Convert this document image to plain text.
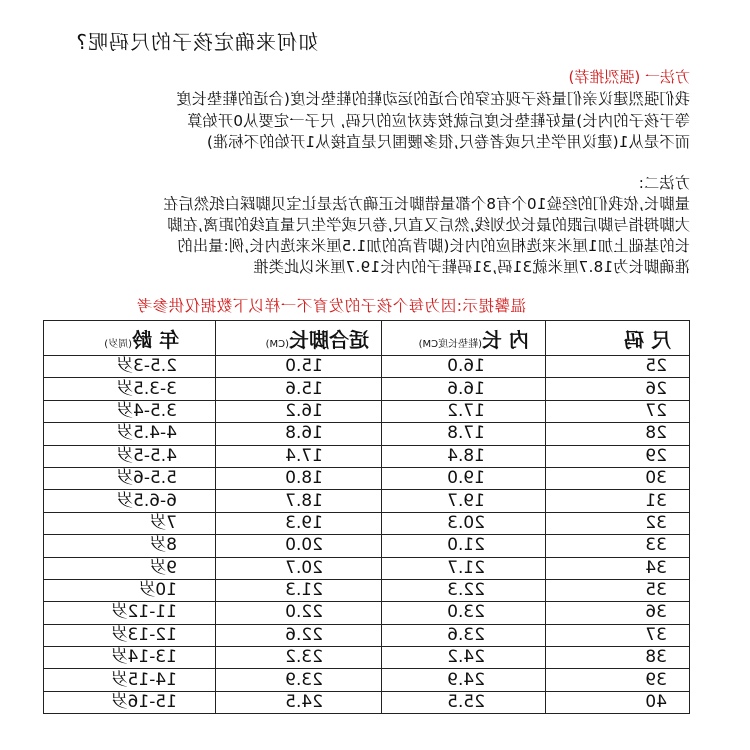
如何来确定孩子的尺码呢?
方法一 (强烈推荐)
我们强烈建议亲们量孩子现在穿的合适的运动鞋的鞋垫长度(合适的鞋垫长度
等于孩子的内长)量好鞋垫长度后就按表对应的尺码, 尺子一定要从0开始算
而不是从1(建议用学生尺或者卷尺,很多腰围尺是直接从1开始的不标准)
方法二:
量脚长,依我们的经验10个有8个都量错脚长正确方法是让宝贝脚踩白纸然后在
大脚拇指与脚后跟的最长处划线,然后又直尺,卷尺或学生尺量直线的距离,在脚
长的基础上加1厘米来选相应的内长(脚背高的加1.5厘米来选内长,例:量出的
准确脚长为18.7厘米就31码,31码鞋子的内长19.7厘米以此类推
温馨提示:因为每个孩子的发育不一样以下数据仅供参考
尺 码	内 长(鞋垫长度CM)	适合脚长(CM)	年 龄(周岁)
25	16.0	15.0	2.5-3岁
26	16.6	15.6	3-3.5岁
27	17.2	16.2	3.5-4岁
28	17.8	16.8	4-4.5岁
29	18.4	17.4	4.5-5岁
30	19.0	18.0	5.5-6岁
31	19.7	18.7	6-6.5岁
32	20.3	19.3	7岁
33	21.0	20.0	8岁
34	21.7	20.7	9岁
35	22.3	21.3	10岁
36	23.0	22.0	11-12岁
37	23.6	22.6	12-13岁
38	24.2	23.2	13-14岁
39	24.9	23.9	14-15岁
40	25.5	24.5	15-16岁
